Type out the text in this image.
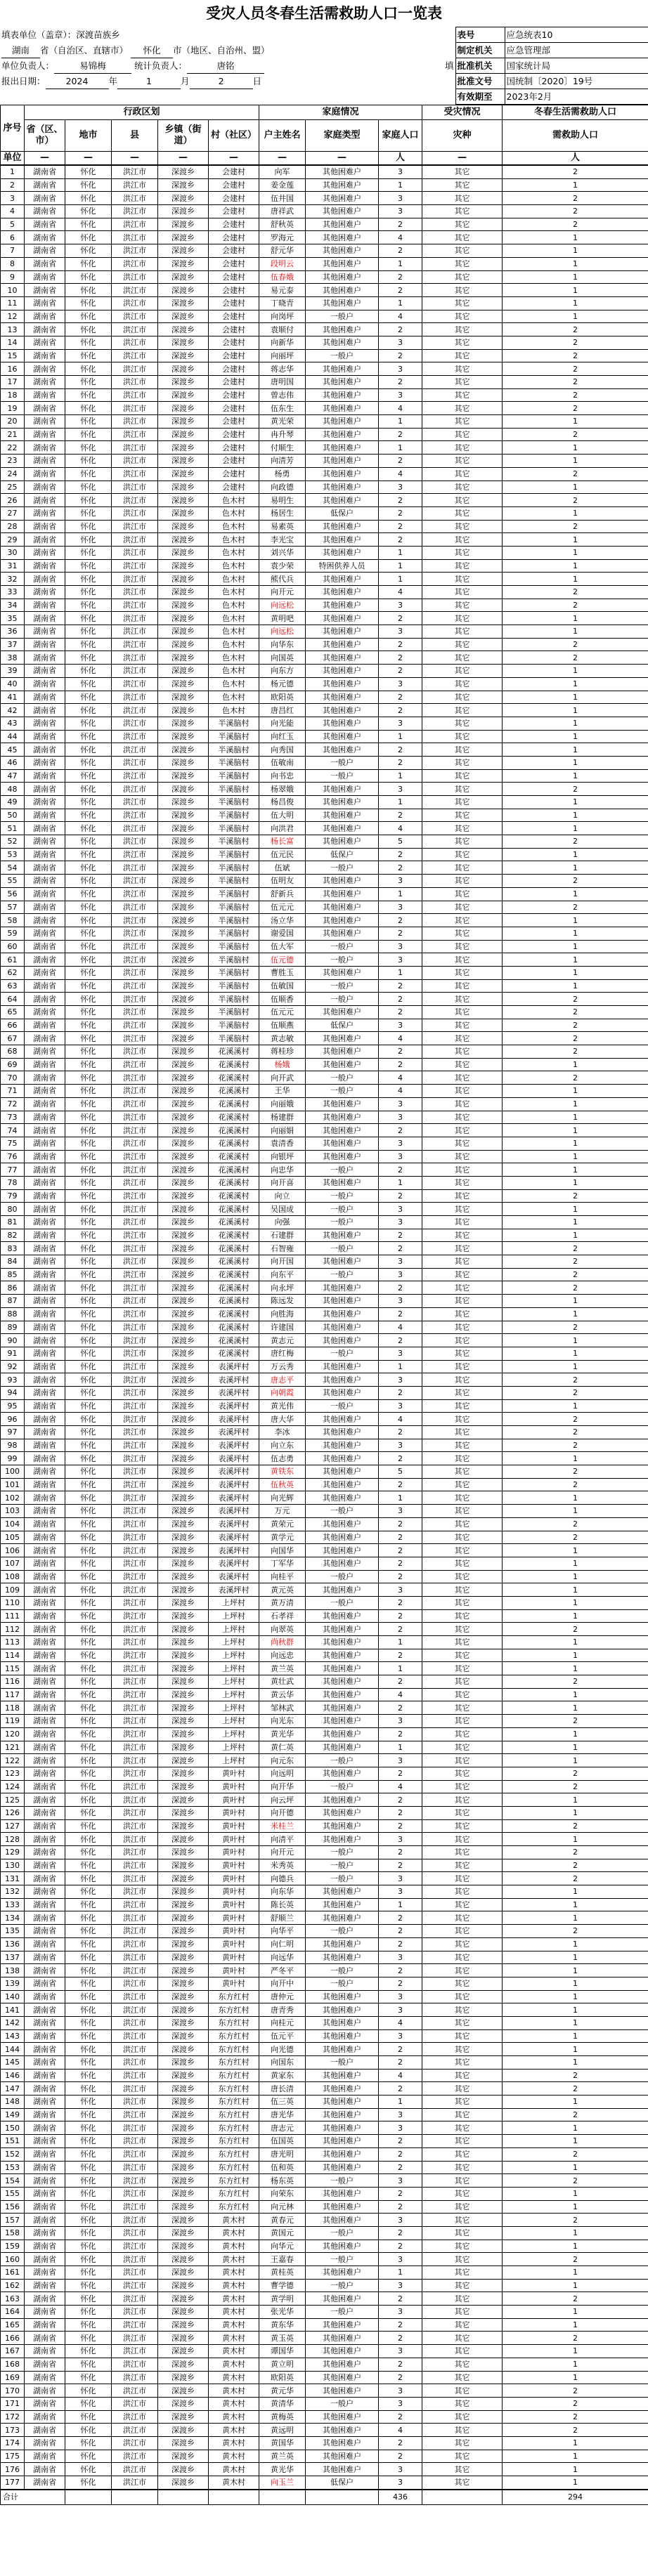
受灾人员冬春生活需救助人口一览表
填表单位（盖章）：深渡苗族乡	表号	应急统表10
湖南 省（自治区、直辖市） 怀化 市（地区、自治州、盟）	制定机关	应急管理部
单位负责人： 易锦梅 统计负责人： 唐铭 填	批准机关	国家统计局
报出日期： 2024 年 1 月 2 日	批准文号	国统制〔2020〕19号
	有效期至	2023年2月
序号	行政区划					家庭情况			受灾情况	冬春生活需救助人口
	省（区、市）	地市	县	乡镇（街道）	村（社区）	户主姓名	家庭类型	家庭人口	灾种	需救助人口
单位	—	—	—	—	—	—	—	人	—	人
1	湖南省	怀化	洪江市	深渡乡	会建村	向军	其他困难户	3	其它	2
2	湖南省	怀化	洪江市	深渡乡	会建村	姜金莲	其他困难户	1	其它	1
3	湖南省	怀化	洪江市	深渡乡	会建村	伍井国	其他困难户	3	其它	2
4	湖南省	怀化	洪江市	深渡乡	会建村	唐祥武	其他困难户	3	其它	2
5	湖南省	怀化	洪江市	深渡乡	会建村	舒秋英	其他困难户	2	其它	2
6	湖南省	怀化	洪江市	深渡乡	会建村	罗海元	其他困难户	4	其它	1
7	湖南省	怀化	洪江市	深渡乡	会建村	舒元华	其他困难户	2	其它	1
8	湖南省	怀化	洪江市	深渡乡	会建村	段明云	其他困难户	1	其它	1
9	湖南省	怀化	洪江市	深渡乡	会建村	伍春娥	其他困难户	2	其它	1
10	湖南省	怀化	洪江市	深渡乡	会建村	易元泰	其他困难户	2	其它	1
11	湖南省	怀化	洪江市	深渡乡	会建村	丁晓青	其他困难户	1	其它	1
12	湖南省	怀化	洪江市	深渡乡	会建村	向岗坪	一般户	4	其它	1
13	湖南省	怀化	洪江市	深渡乡	会建村	袁顺付	其他困难户	2	其它	2
14	湖南省	怀化	洪江市	深渡乡	会建村	向新华	其他困难户	3	其它	2
15	湖南省	怀化	洪江市	深渡乡	会建村	向丽坪	一般户	2	其它	2
16	湖南省	怀化	洪江市	深渡乡	会建村	蒋志华	其他困难户	3	其它	2
17	湖南省	怀化	洪江市	深渡乡	会建村	唐明国	其他困难户	2	其它	2
18	湖南省	怀化	洪江市	深渡乡	会建村	曾志伟	其他困难户	3	其它	2
19	湖南省	怀化	洪江市	深渡乡	会建村	伍东生	其他困难户	4	其它	2
20	湖南省	怀化	洪江市	深渡乡	会建村	黄光荣	其他困难户	1	其它	1
21	湖南省	怀化	洪江市	深渡乡	会建村	冉升琴	其他困难户	2	其它	2
22	湖南省	怀化	洪江市	深渡乡	会建村	付顺生	其他困难户	1	其它	1
23	湖南省	怀化	洪江市	深渡乡	会建村	向清芳	其他困难户	2	其它	1
24	湖南省	怀化	洪江市	深渡乡	会建村	杨勇	其他困难户	4	其它	2
25	湖南省	怀化	洪江市	深渡乡	会建村	向政德	其他困难户	3	其它	1
26	湖南省	怀化	洪江市	深渡乡	色木村	易明生	其他困难户	2	其它	2
27	湖南省	怀化	洪江市	深渡乡	色木村	杨居生	低保户	2	其它	1
28	湖南省	怀化	洪江市	深渡乡	色木村	易素英	其他困难户	2	其它	2
29	湖南省	怀化	洪江市	深渡乡	色木村	李光宝	其他困难户	2	其它	1
30	湖南省	怀化	洪江市	深渡乡	色木村	刘兴华	其他困难户	1	其它	1
31	湖南省	怀化	洪江市	深渡乡	色木村	袁少荣	特困供养人员	1	其它	1
32	湖南省	怀化	洪江市	深渡乡	色木村	熊代兵	其他困难户	1	其它	1
33	湖南省	怀化	洪江市	深渡乡	色木村	向开元	其他困难户	4	其它	2
34	湖南省	怀化	洪江市	深渡乡	色木村	向远松	其他困难户	3	其它	2
35	湖南省	怀化	洪江市	深渡乡	色木村	黄明吧	其他困难户	2	其它	1
36	湖南省	怀化	洪江市	深渡乡	色木村	向远松	其他困难户	3	其它	1
37	湖南省	怀化	洪江市	深渡乡	色木村	向华东	其他困难户	2	其它	2
38	湖南省	怀化	洪江市	深渡乡	色木村	向国英	其他困难户	2	其它	2
39	湖南省	怀化	洪江市	深渡乡	色木村	向东方	其他困难户	2	其它	1
40	湖南省	怀化	洪江市	深渡乡	色木村	杨元德	其他困难户	3	其它	1
41	湖南省	怀化	洪江市	深渡乡	色木村	欧阳英	其他困难户	2	其它	1
42	湖南省	怀化	洪江市	深渡乡	色木村	唐昌红	其他困难户	2	其它	1
43	湖南省	怀化	洪江市	深渡乡	半溪脑村	向光能	其他困难户	3	其它	1
44	湖南省	怀化	洪江市	深渡乡	半溪脑村	向红玉	其他困难户	1	其它	1
45	湖南省	怀化	洪江市	深渡乡	半溪脑村	向秀国	其他困难户	2	其它	1
46	湖南省	怀化	洪江市	深渡乡	半溪脑村	伍敏南	一般户	2	其它	1
47	湖南省	怀化	洪江市	深渡乡	半溪脑村	向书忠	一般户	1	其它	1
48	湖南省	怀化	洪江市	深渡乡	半溪脑村	杨翠娥	其他困难户	3	其它	2
49	湖南省	怀化	洪江市	深渡乡	半溪脑村	杨昌俊	其他困难户	1	其它	1
50	湖南省	怀化	洪江市	深渡乡	半溪脑村	伍大明	其他困难户	2	其它	1
51	湖南省	怀化	洪江市	深渡乡	半溪脑村	向洪君	其他困难户	4	其它	1
52	湖南省	怀化	洪江市	深渡乡	半溪脑村	杨长富	其他困难户	5	其它	2
53	湖南省	怀化	洪江市	深渡乡	半溪脑村	伍元民	低保户	2	其它	1
54	湖南省	怀化	洪江市	深渡乡	半溪脑村	伍斌	一般户	2	其它	1
55	湖南省	怀化	洪江市	深渡乡	半溪脑村	伍明友	其他困难户	3	其它	2
56	湖南省	怀化	洪江市	深渡乡	半溪脑村	舒新兵	其他困难户	1	其它	1
57	湖南省	怀化	洪江市	深渡乡	半溪脑村	伍元元	其他困难户	3	其它	2
58	湖南省	怀化	洪江市	深渡乡	半溪脑村	汤立华	其他困难户	2	其它	1
59	湖南省	怀化	洪江市	深渡乡	半溪脑村	谢爱国	其他困难户	2	其它	1
60	湖南省	怀化	洪江市	深渡乡	半溪脑村	伍大军	一般户	3	其它	1
61	湖南省	怀化	洪江市	深渡乡	半溪脑村	伍元德	一般户	3	其它	1
62	湖南省	怀化	洪江市	深渡乡	半溪脑村	曹胜玉	其他困难户	1	其它	1
63	湖南省	怀化	洪江市	深渡乡	半溪脑村	伍敏国	一般户	2	其它	1
64	湖南省	怀化	洪江市	深渡乡	半溪脑村	伍顺香	一般户	2	其它	2
65	湖南省	怀化	洪江市	深渡乡	半溪脑村	伍元元	其他困难户	2	其它	2
66	湖南省	怀化	洪江市	深渡乡	半溪脑村	伍顺燕	低保户	3	其它	2
67	湖南省	怀化	洪江市	深渡乡	半溪脑村	黄志敏	其他困难户	4	其它	2
68	湖南省	怀化	洪江市	深渡乡	花溪溪村	蒋桂珍	其他困难户	2	其它	2
69	湖南省	怀化	洪江市	深渡乡	花溪溪村	杨娥	其他困难户	2	其它	1
70	湖南省	怀化	洪江市	深渡乡	花溪溪村	向开武	一般户	4	其它	2
71	湖南省	怀化	洪江市	深渡乡	花溪溪村	王华	一般户	4	其它	1
72	湖南省	怀化	洪江市	深渡乡	花溪溪村	向丽娥	其他困难户	3	其它	1
73	湖南省	怀化	洪江市	深渡乡	花溪溪村	杨建群	其他困难户	3	其它	1
74	湖南省	怀化	洪江市	深渡乡	花溪溪村	向丽娟	其他困难户	2	其它	1
75	湖南省	怀化	洪江市	深渡乡	花溪溪村	袁清香	其他困难户	3	其它	1
76	湖南省	怀化	洪江市	深渡乡	花溪溪村	向银坪	其他困难户	3	其它	1
77	湖南省	怀化	洪江市	深渡乡	花溪溪村	向忠华	一般户	2	其它	1
78	湖南省	怀化	洪江市	深渡乡	花溪溪村	向开喜	其他困难户	1	其它	1
79	湖南省	怀化	洪江市	深渡乡	花溪溪村	向立	一般户	2	其它	2
80	湖南省	怀化	洪江市	深渡乡	花溪溪村	吴国成	一般户	3	其它	1
81	湖南省	怀化	洪江市	深渡乡	花溪溪村	向强	一般户	3	其它	1
82	湖南省	怀化	洪江市	深渡乡	花溪溪村	石建群	其他困难户	2	其它	1
83	湖南省	怀化	洪江市	深渡乡	花溪溪村	石智雍	一般户	2	其它	2
84	湖南省	怀化	洪江市	深渡乡	花溪溪村	向开国	其他困难户	3	其它	2
85	湖南省	怀化	洪江市	深渡乡	花溪溪村	向东平	一般户	3	其它	2
86	湖南省	怀化	洪江市	深渡乡	花溪溪村	向永坪	其他困难户	2	其它	2
87	湖南省	怀化	洪江市	深渡乡	花溪溪村	陈远发	其他困难户	3	其它	1
88	湖南省	怀化	洪江市	深渡乡	花溪溪村	向胜海	其他困难户	2	其它	1
89	湖南省	怀化	洪江市	深渡乡	花溪溪村	许建国	其他困难户	4	其它	2
90	湖南省	怀化	洪江市	深渡乡	花溪溪村	黄志元	其他困难户	2	其它	1
91	湖南省	怀化	洪江市	深渡乡	花溪溪村	唐红梅	一般户	3	其它	1
92	湖南省	怀化	洪江市	深渡乡	表溪坪村	万云秀	其他困难户	1	其它	1
93	湖南省	怀化	洪江市	深渡乡	表溪坪村	唐志平	其他困难户	3	其它	2
94	湖南省	怀化	洪江市	深渡乡	表溪坪村	向朝霞	其他困难户	2	其它	2
95	湖南省	怀化	洪江市	深渡乡	表溪坪村	黄光伟	一般户	3	其它	1
96	湖南省	怀化	洪江市	深渡乡	表溪坪村	唐大华	其他困难户	4	其它	2
97	湖南省	怀化	洪江市	深渡乡	表溪坪村	李冰	其他困难户	2	其它	2
98	湖南省	怀化	洪江市	深渡乡	表溪坪村	向立东	其他困难户	3	其它	2
99	湖南省	怀化	洪江市	深渡乡	表溪坪村	伍志勇	其他困难户	2	其它	1
100	湖南省	怀化	洪江市	深渡乡	表溪坪村	黄铁东	其他困难户	5	其它	2
101	湖南省	怀化	洪江市	深渡乡	表溪坪村	伍秋英	其他困难户	2	其它	2
102	湖南省	怀化	洪江市	深渡乡	表溪坪村	向光辉	其他困难户	1	其它	1
103	湖南省	怀化	洪江市	深渡乡	表溪坪村	万元	一般户	3	其它	1
104	湖南省	怀化	洪江市	深渡乡	表溪坪村	黄荣元	其他困难户	2	其它	2
105	湖南省	怀化	洪江市	深渡乡	表溪坪村	黄学元	其他困难户	2	其它	2
106	湖南省	怀化	洪江市	深渡乡	表溪坪村	向国华	其他困难户	2	其它	1
107	湖南省	怀化	洪江市	深渡乡	表溪坪村	丁军华	其他困难户	2	其它	1
108	湖南省	怀化	洪江市	深渡乡	表溪坪村	向桂平	一般户	2	其它	1
109	湖南省	怀化	洪江市	深渡乡	表溪坪村	黄元英	其他困难户	3	其它	1
110	湖南省	怀化	洪江市	深渡乡	上坪村	黄万清	一般户	2	其它	1
111	湖南省	怀化	洪江市	深渡乡	上坪村	石孝祥	其他困难户	2	其它	1
112	湖南省	怀化	洪江市	深渡乡	上坪村	向翠英	其他困难户	2	其它	2
113	湖南省	怀化	洪江市	深渡乡	上坪村	尚秋群	其他困难户	1	其它	1
114	湖南省	怀化	洪江市	深渡乡	上坪村	向远忠	其他困难户	2	其它	1
115	湖南省	怀化	洪江市	深渡乡	上坪村	黄兰英	其他困难户	1	其它	1
116	湖南省	怀化	洪江市	深渡乡	上坪村	黄壮武	其他困难户	2	其它	2
117	湖南省	怀化	洪江市	深渡乡	上坪村	黄云华	其他困难户	4	其它	1
118	湖南省	怀化	洪江市	深渡乡	上坪村	邹林武	其他困难户	2	其它	1
119	湖南省	怀化	洪江市	深渡乡	上坪村	向光东	其他困难户	3	其它	2
120	湖南省	怀化	洪江市	深渡乡	上坪村	黄光华	其他困难户	2	其它	1
121	湖南省	怀化	洪江市	深渡乡	上坪村	黄仁英	其他困难户	1	其它	1
122	湖南省	怀化	洪江市	深渡乡	上坪村	向元东	一般户	3	其它	1
123	湖南省	怀化	洪江市	深渡乡	黄叶村	向远明	其他困难户	2	其它	2
124	湖南省	怀化	洪江市	深渡乡	黄叶村	向开华	一般户	4	其它	2
125	湖南省	怀化	洪江市	深渡乡	黄叶村	向云坪	其他困难户	2	其它	1
126	湖南省	怀化	洪江市	深渡乡	黄叶村	向开德	其他困难户	2	其它	1
127	湖南省	怀化	洪江市	深渡乡	黄叶村	米桂兰	其他困难户	2	其它	2
128	湖南省	怀化	洪江市	深渡乡	黄叶村	向清平	其他困难户	3	其它	1
129	湖南省	怀化	洪江市	深渡乡	黄叶村	向开元	一般户	2	其它	2
130	湖南省	怀化	洪江市	深渡乡	黄叶村	米秀英	一般户	2	其它	2
131	湖南省	怀化	洪江市	深渡乡	黄叶村	向德兵	一般户	3	其它	2
132	湖南省	怀化	洪江市	深渡乡	黄叶村	向东华	其他困难户	3	其它	1
133	湖南省	怀化	洪江市	深渡乡	黄叶村	陈长英	其他困难户	1	其它	1
134	湖南省	怀化	洪江市	深渡乡	黄叶村	舒顺兰	其他困难户	2	其它	1
135	湖南省	怀化	洪江市	深渡乡	黄叶村	向华平	一般户	2	其它	2
136	湖南省	怀化	洪江市	深渡乡	黄叶村	向仁明	其他困难户	2	其它	1
137	湖南省	怀化	洪江市	深渡乡	黄叶村	向远华	其他困难户	3	其它	1
138	湖南省	怀化	洪江市	深渡乡	黄叶村	严冬平	一般户	2	其它	1
139	湖南省	怀化	洪江市	深渡乡	黄叶村	向开中	一般户	2	其它	1
140	湖南省	怀化	洪江市	深渡乡	东方红村	唐仲元	其他困难户	3	其它	1
141	湖南省	怀化	洪江市	深渡乡	东方红村	唐青秀	其他困难户	3	其它	1
142	湖南省	怀化	洪江市	深渡乡	东方红村	向桂元	其他困难户	4	其它	1
143	湖南省	怀化	洪江市	深渡乡	东方红村	伍元平	其他困难户	3	其它	1
144	湖南省	怀化	洪江市	深渡乡	东方红村	向光德	其他困难户	2	其它	1
145	湖南省	怀化	洪江市	深渡乡	东方红村	向国东	一般户	2	其它	1
146	湖南省	怀化	洪江市	深渡乡	东方红村	黄家东	其他困难户	4	其它	2
147	湖南省	怀化	洪江市	深渡乡	东方红村	唐长清	其他困难户	2	其它	2
148	湖南省	怀化	洪江市	深渡乡	东方红村	伍三英	其他困难户	1	其它	1
149	湖南省	怀化	洪江市	深渡乡	东方红村	唐光华	其他困难户	3	其它	2
150	湖南省	怀化	洪江市	深渡乡	东方红村	唐志元	其他困难户	3	其它	1
151	湖南省	怀化	洪江市	深渡乡	东方红村	伍国英	其他困难户	2	其它	1
152	湖南省	怀化	洪江市	深渡乡	东方红村	唐光明	其他困难户	2	其它	2
153	湖南省	怀化	洪江市	深渡乡	东方红村	伍和英	其他困难户	2	其它	1
154	湖南省	怀化	洪江市	深渡乡	东方红村	杨东英	一般户	3	其它	2
155	湖南省	怀化	洪江市	深渡乡	东方红村	向荣东	其他困难户	2	其它	1
156	湖南省	怀化	洪江市	深渡乡	东方红村	向元林	其他困难户	2	其它	1
157	湖南省	怀化	洪江市	深渡乡	黄木村	黄春元	其他困难户	3	其它	2
158	湖南省	怀化	洪江市	深渡乡	黄木村	黄国元	一般户	2	其它	1
159	湖南省	怀化	洪江市	深渡乡	黄木村	向华元	其他困难户	2	其它	1
160	湖南省	怀化	洪江市	深渡乡	黄木村	王嘉春	一般户	3	其它	2
161	湖南省	怀化	洪江市	深渡乡	黄木村	黄桂英	其他困难户	1	其它	1
162	湖南省	怀化	洪江市	深渡乡	黄木村	曹学德	一般户	3	其它	1
163	湖南省	怀化	洪江市	深渡乡	黄木村	黄学明	其他困难户	2	其它	2
164	湖南省	怀化	洪江市	深渡乡	黄木村	张光华	一般户	3	其它	1
165	湖南省	怀化	洪江市	深渡乡	黄木村	黄东华	其他困难户	2	其它	1
166	湖南省	怀化	洪江市	深渡乡	黄木村	黄玉英	其他困难户	2	其它	2
167	湖南省	怀化	洪江市	深渡乡	黄木村	谭国华	其他困难户	3	其它	1
168	湖南省	怀化	洪江市	深渡乡	黄木村	黄立明	其他困难户	2	其它	1
169	湖南省	怀化	洪江市	深渡乡	黄木村	欧阳英	其他困难户	2	其它	1
170	湖南省	怀化	洪江市	深渡乡	黄木村	黄元华	其他困难户	3	其它	2
171	湖南省	怀化	洪江市	深渡乡	黄木村	黄清华	一般户	3	其它	2
172	湖南省	怀化	洪江市	深渡乡	黄木村	黄梅英	其他困难户	2	其它	2
173	湖南省	怀化	洪江市	深渡乡	黄木村	黄远明	其他困难户	4	其它	2
174	湖南省	怀化	洪江市	深渡乡	黄木村	黄国华	其他困难户	2	其它	1
175	湖南省	怀化	洪江市	深渡乡	黄木村	黄兰英	其他困难户	2	其它	1
176	湖南省	怀化	洪江市	深渡乡	黄木村	黄光华	其他困难户	3	其它	1
177	湖南省	怀化	洪江市	深渡乡	黄木村	向玉兰	低保户	3	其它	1
合计							436		294
